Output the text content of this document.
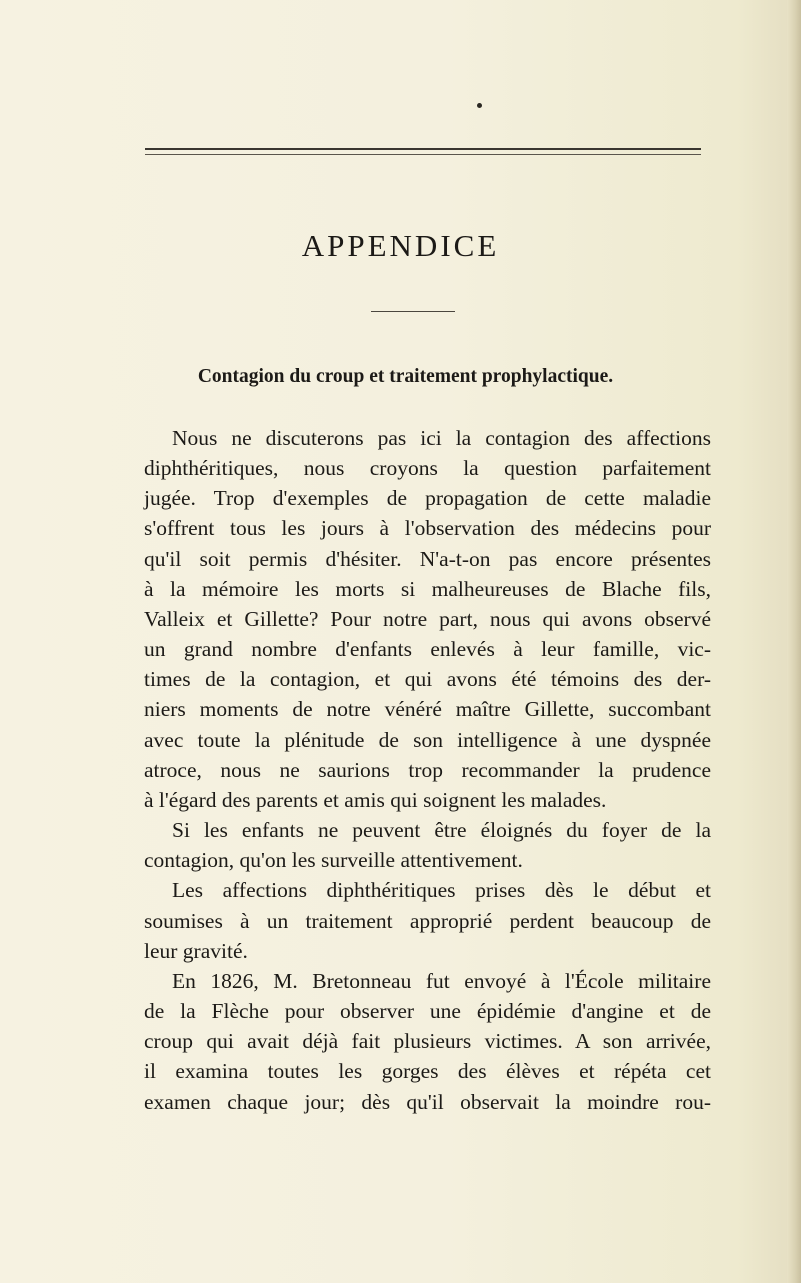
APPENDICE
Contagion du croup et traitement prophylactique.
Nous ne discuterons pas ici la contagion des affections
diphthéritiques, nous croyons la question parfaitement
jugée. Trop d'exemples de propagation de cette maladie
s'offrent tous les jours à l'observation des médecins pour
qu'il soit permis d'hésiter. N'a-t-on pas encore présentes
à la mémoire les morts si malheureuses de Blache fils,
Valleix et Gillette? Pour notre part, nous qui avons observé
un grand nombre d'enfants enlevés à leur famille, vic-
times de la contagion, et qui avons été témoins des der-
niers moments de notre vénéré maître Gillette, succombant
avec toute la plénitude de son intelligence à une dyspnée
atroce, nous ne saurions trop recommander la prudence
à l'égard des parents et amis qui soignent les malades.
Si les enfants ne peuvent être éloignés du foyer de la
contagion, qu'on les surveille attentivement.
Les affections diphthéritiques prises dès le début et
soumises à un traitement approprié perdent beaucoup de
leur gravité.
En 1826, M. Bretonneau fut envoyé à l'École militaire
de la Flèche pour observer une épidémie d'angine et de
croup qui avait déjà fait plusieurs victimes. A son arrivée,
il examina toutes les gorges des élèves et répéta cet
examen chaque jour; dès qu'il observait la moindre rou-
